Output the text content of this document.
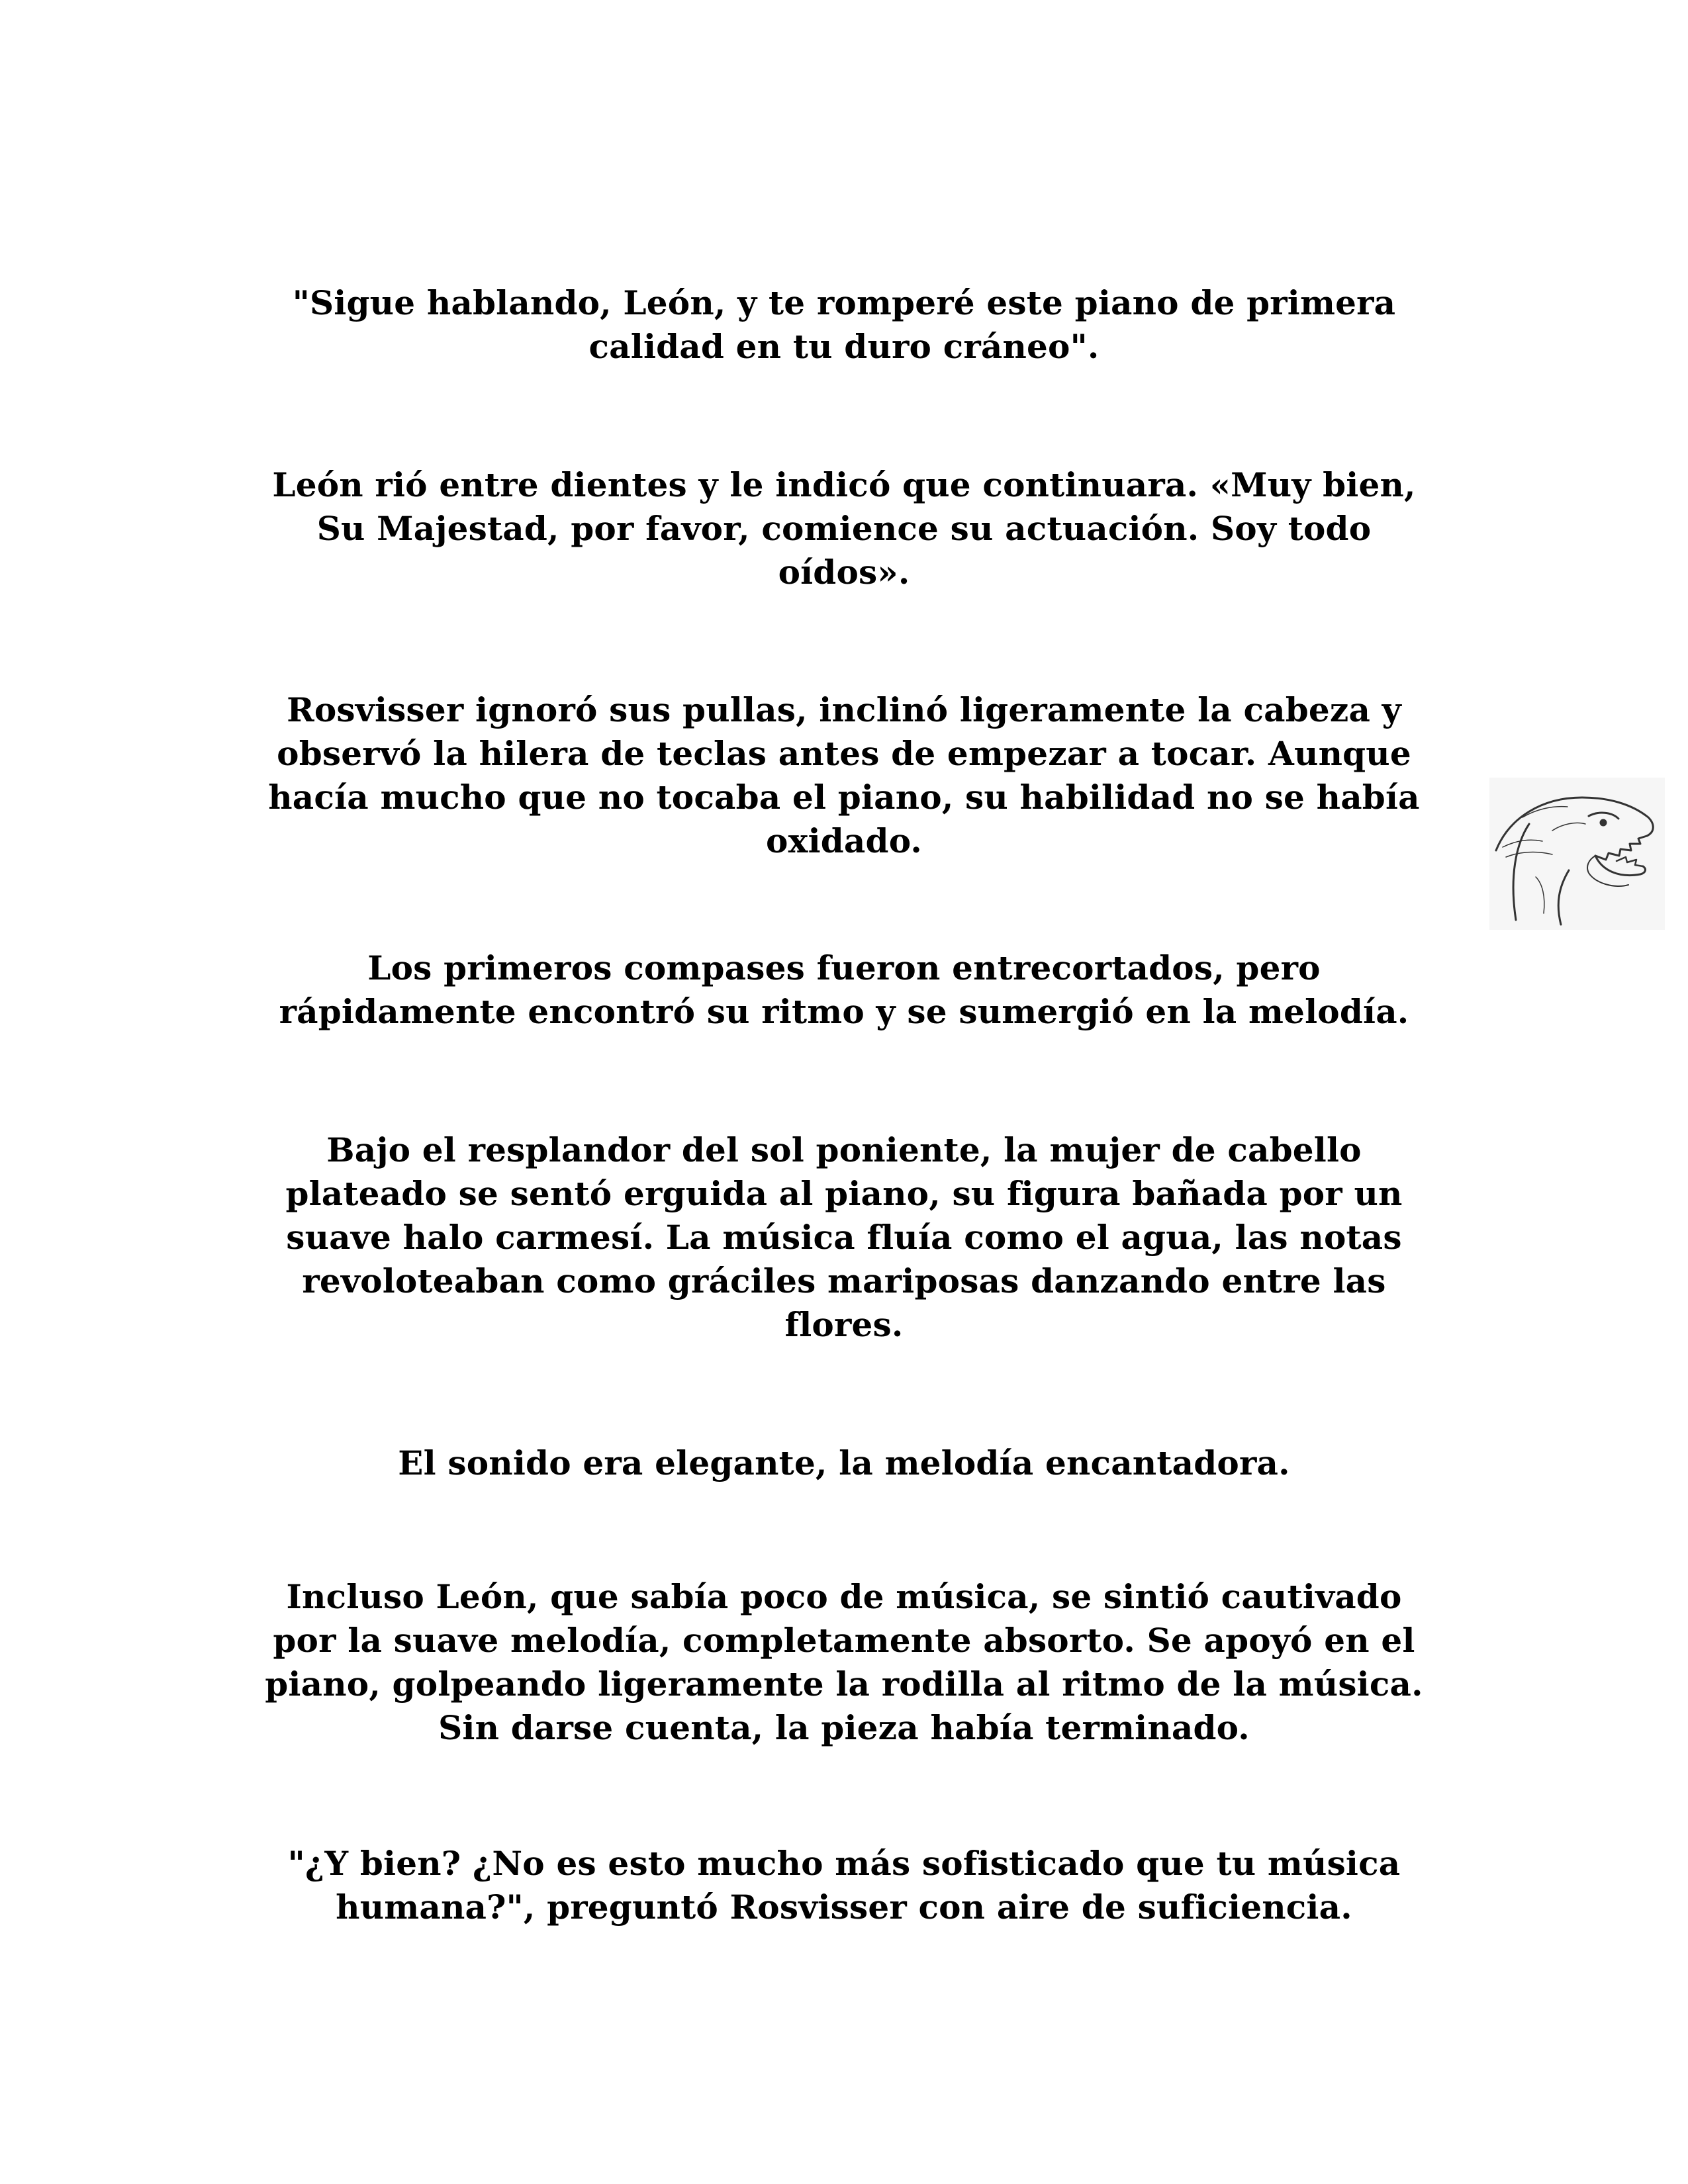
"Sigue hablando, León, y te romperé este piano de primera
calidad en tu duro cráneo".

León rió entre dientes y le indicó que continuara. «Muy bien,
Su Majestad, por favor, comience su actuación. Soy todo
oídos».

Rosvisser ignoró sus pullas, inclinó ligeramente la cabeza y
observó la hilera de teclas antes de empezar a tocar. Aunque
hacía mucho que no tocaba el piano, su habilidad no se había
oxidado.

Los primeros compases fueron entrecortados, pero
rápidamente encontró su ritmo y se sumergió en la melodía.

Bajo el resplandor del sol poniente, la mujer de cabello
plateado se sentó erguida al piano, su figura bañada por un
suave halo carmesí. La música fluía como el agua, las notas
revoloteaban como gráciles mariposas danzando entre las
flores.

El sonido era elegante, la melodía encantadora.

Incluso León, que sabía poco de música, se sintió cautivado
por la suave melodía, completamente absorto. Se apoyó en el
piano, golpeando ligeramente la rodilla al ritmo de la música.
Sin darse cuenta, la pieza había terminado.

"¿Y bien? ¿No es esto mucho más sofisticado que tu música
humana?", preguntó Rosvisser con aire de suficiencia.
